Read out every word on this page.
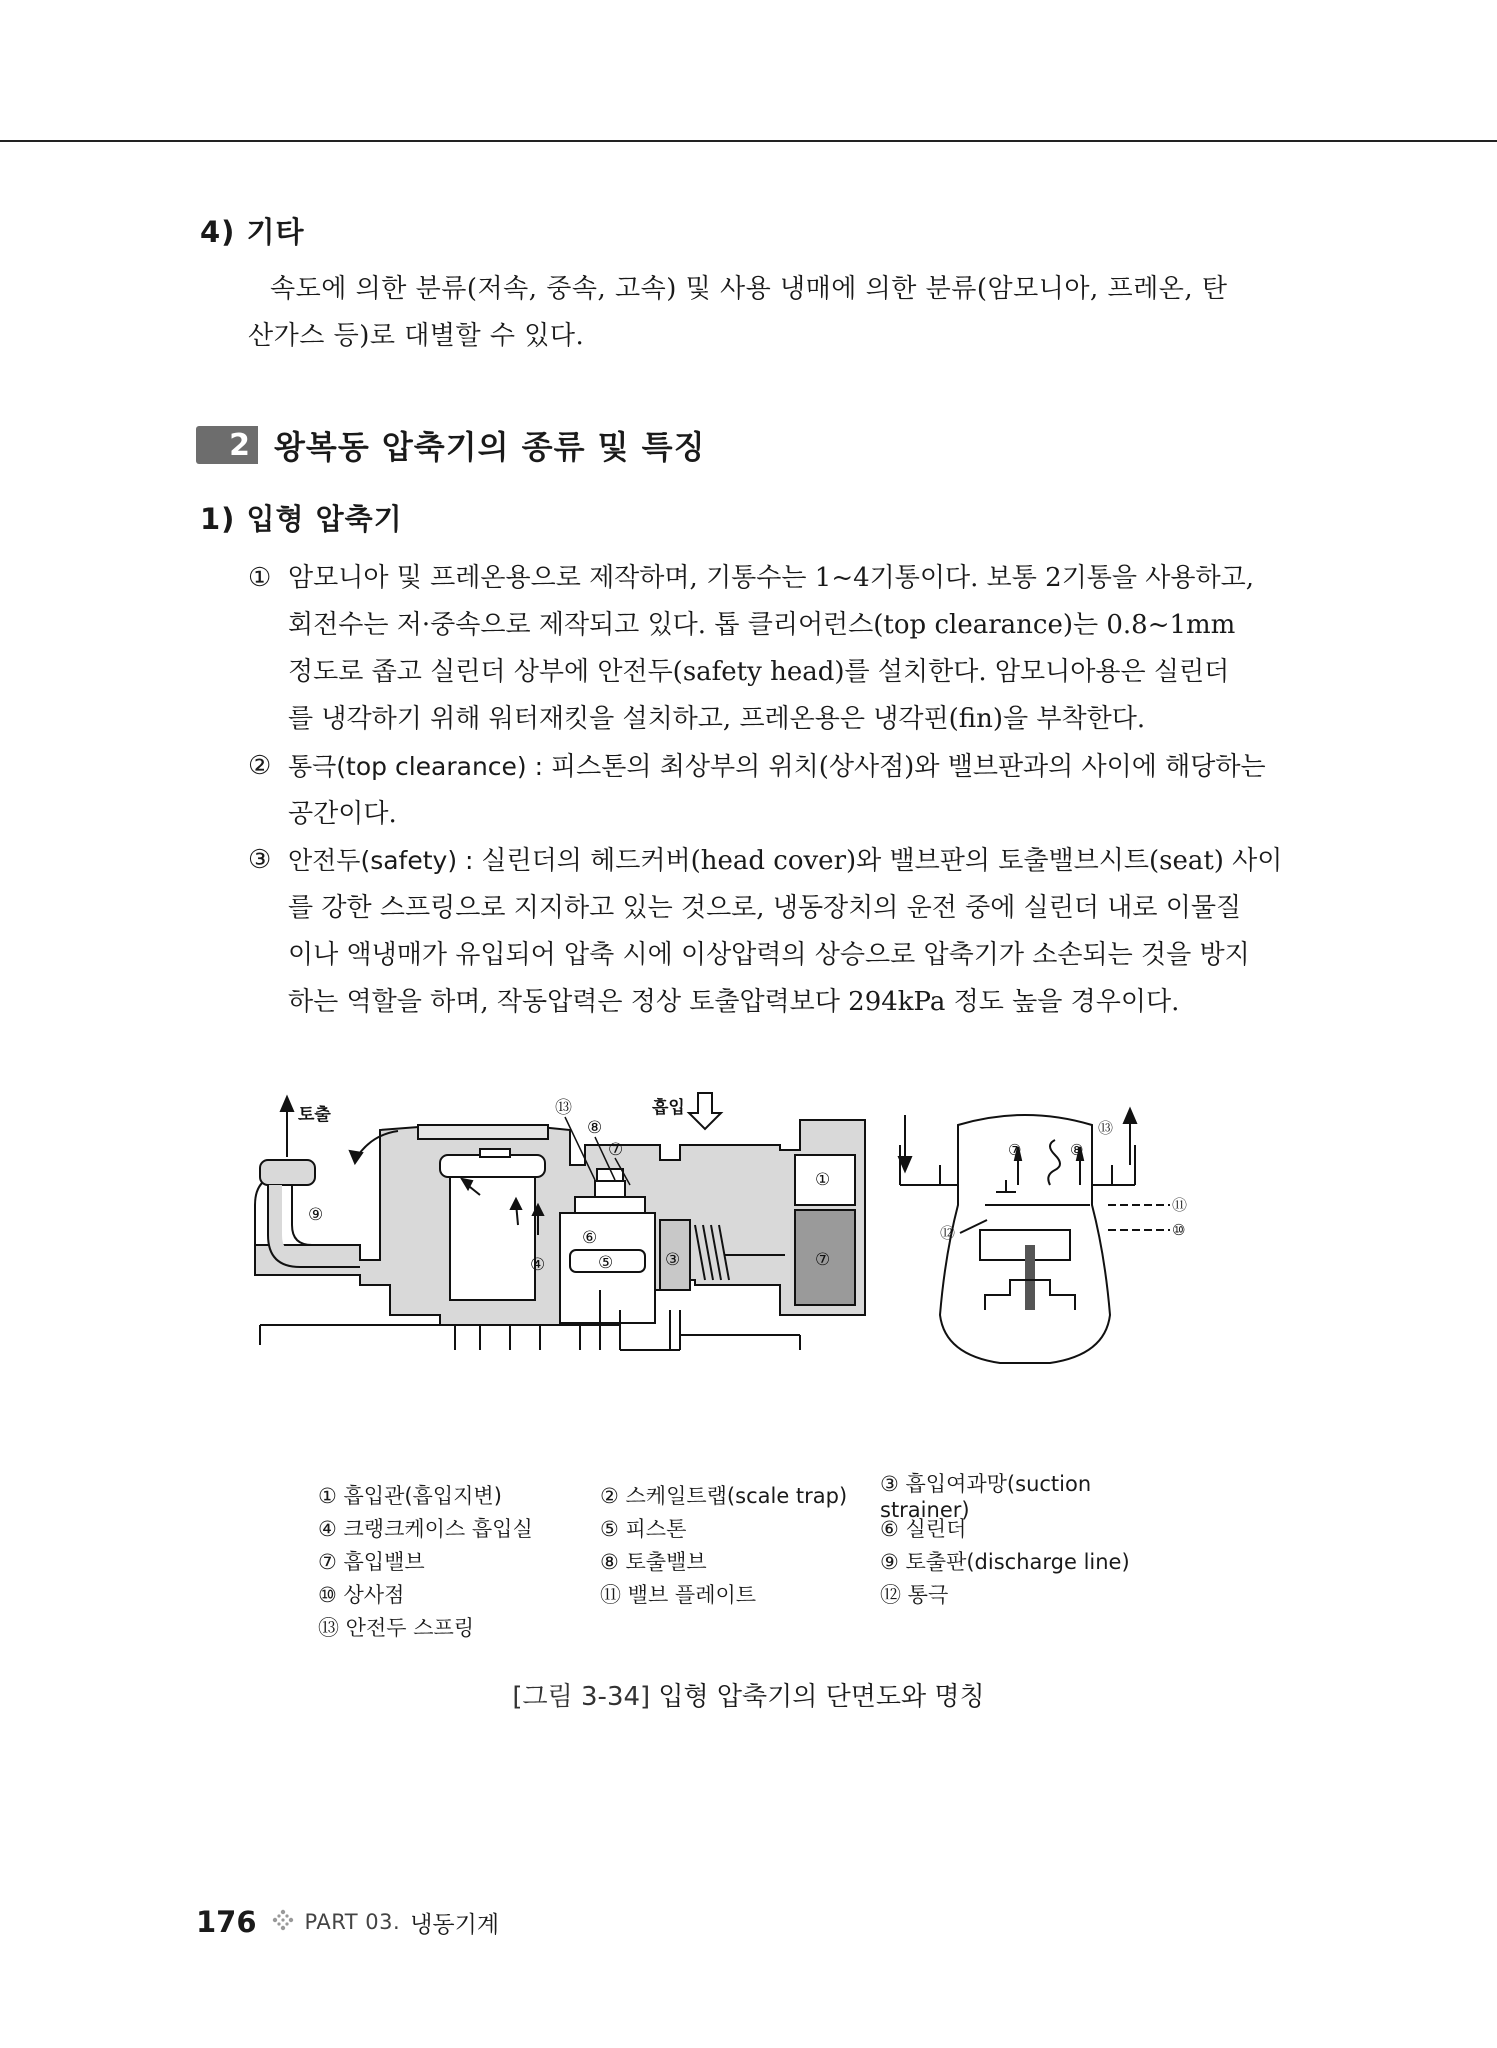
4) 기타

속도에 의한 분류(저속, 중속, 고속) 및 사용 냉매에 의한 분류(암모니아, 프레온, 탄

산가스 등)로 대별할 수 있다.

2 왕복동 압축기의 종류 및 특징
1) 입형 압축기
① 암모니아 및 프레온용으로 제작하며, 기통수는 1~4기통이다. 보통 2기통을 사용하고,
회전수는 저·중속으로 제작되고 있다. 톱 클리어런스(top clearance)는 0.8~1mm
정도로 좁고 실린더 상부에 안전두(safety head)를 설치한다. 암모니아용은 실린더
를 냉각하기 위해 워터재킷을 설치하고, 프레온용은 냉각핀(fin)을 부착한다.
② 통극(top clearance) : 피스톤의 최상부의 위치(상사점)와 밸브판과의 사이에 해당하는
공간이다.
③ 안전두(safety) : 실린더의 헤드커버(head cover)와 밸브판의 토출밸브시트(seat) 사이
를 강한 스프링으로 지지하고 있는 것으로, 냉동장치의 운전 중에 실린더 내로 이물질
이나 액냉매가 유입되어 압축 시에 이상압력의 상승으로 압축기가 소손되는 것을 방지
하는 역할을 하며, 작동압력은 정상 토출압력보다 294kPa 정도 높을 경우이다.
토출	흡입
⑬
⑧
⑦
①
⑦
⑨
⑥
④	⑤	③
⑬
⑦	⑧
⑪
⑩
⑫
① 흡입관(흡입지변)	② 스케일트랩(scale trap)	③ 흡입여과망(suction strainer)
④ 크랭크케이스 흡입실	⑤ 피스톤	⑥ 실린더
⑦ 흡입밸브	⑧ 토출밸브	⑨ 토출판(discharge line)
⑩ 상사점	⑪ 밸브 플레이트	⑫ 통극
⑬ 안전두 스프링
[그림 3-34] 입형 압축기의 단면도와 명칭
176 PART 03. 냉동기계
